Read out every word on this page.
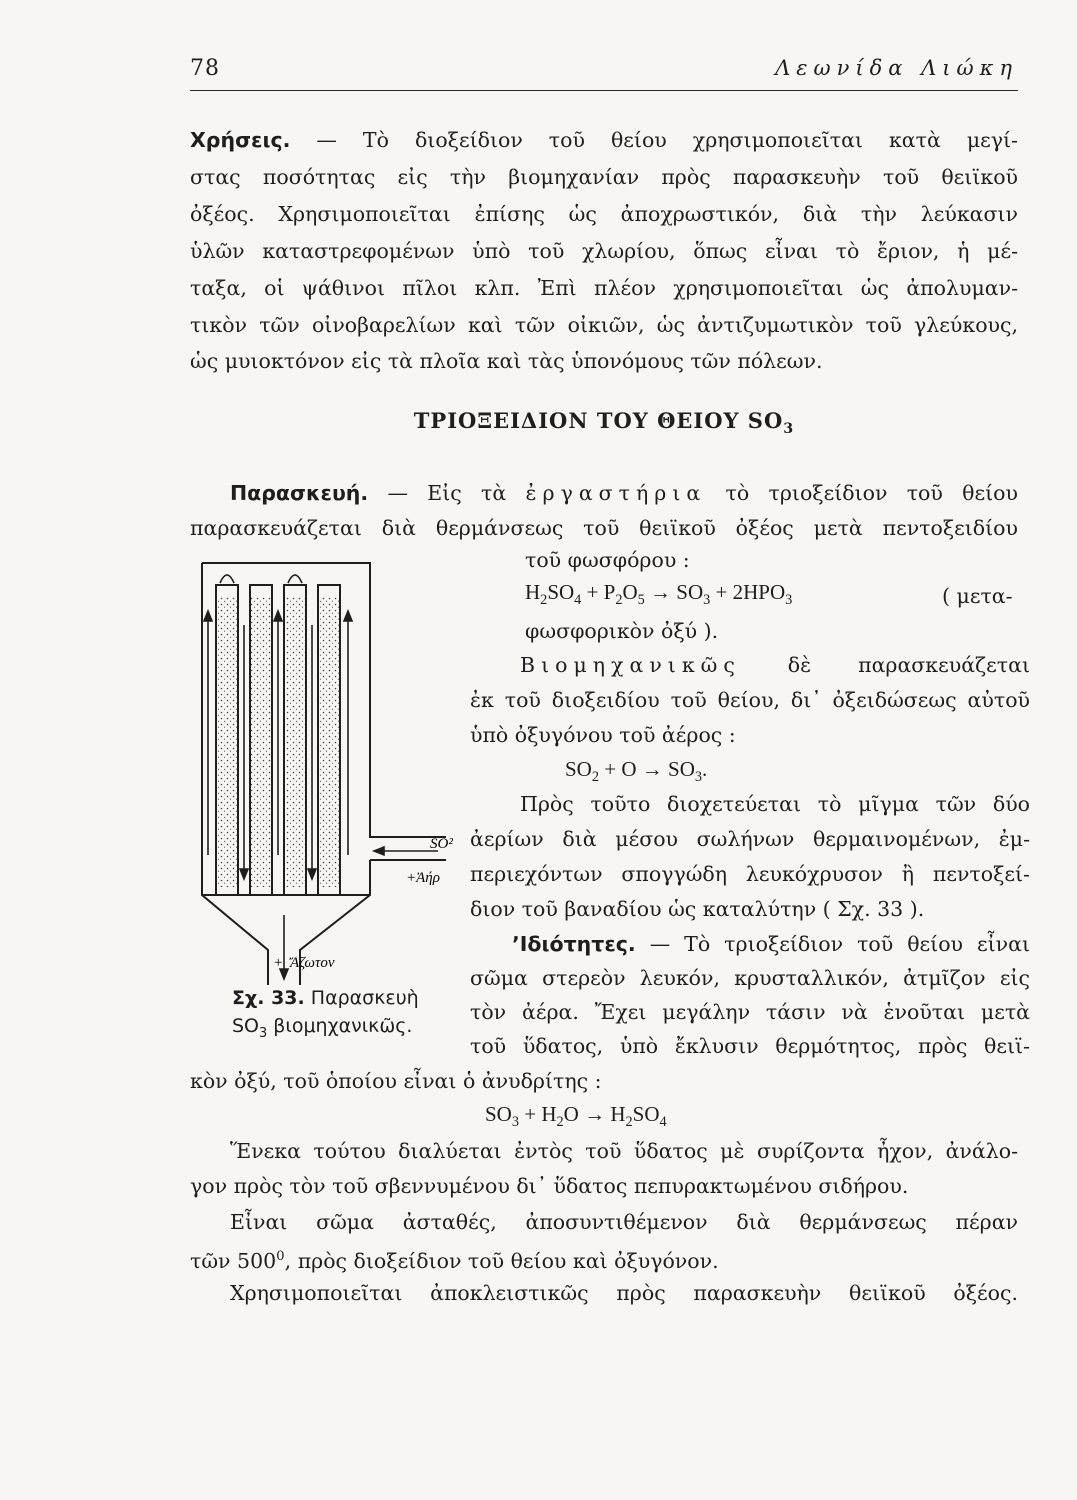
78	Λεωνίδα Λιώκη
Χρήσεις. — Τὸ διοξείδιον τοῦ θείου χρησιμοποιεῖται κατὰ μεγί-
στας ποσότητας εἰς τὴν βιομηχανίαν πρὸς παρασκευὴν τοῦ θειϊκοῦ
ὀξέος. Χρησιμοποιεῖται ἐπίσης ὡς ἀποχρωστικόν, διὰ τὴν λεύκασιν
ὑλῶν καταστρεφομένων ὑπὸ τοῦ χλωρίου, ὅπως εἶναι τὸ ἔριον, ἡ μέ-
ταξα, οἱ ψάθινοι πῖλοι κλπ. Ἐπὶ πλέον χρησιμοποιεῖται ὡς ἀπολυμαν-
τικὸν τῶν οἰνοβαρελίων καὶ τῶν οἰκιῶν, ὡς ἀντιζυμωτικὸν τοῦ γλεύκους,
ὡς μυιοκτόνον εἰς τὰ πλοῖα καὶ τὰς ὑπονόμους τῶν πόλεων.
ΤΡΙΟΞΕΙΔΙΟΝ ΤΟΥ ΘΕΙΟΥ $SO_3$
Παρασκευή. — Εἰς τὰ ἐργαστήρια τὸ τριοξείδιον τοῦ θείου
παρασκευάζεται διὰ θερμάνσεως τοῦ θειϊκοῦ ὀξέος μετὰ πεντοξειδίου
τοῦ φωσφόρου :
$H_2SO_4 + P_2O_5 \to SO_3 + 2HPO_3$	( μετα-
φωσφορικὸν ὀξύ ).
Βιομηχανικῶς δὲ παρασκευάζεται
ἐκ τοῦ διοξειδίου τοῦ θείου, δι᾽ ὀξειδώσεως αὐτοῦ
ὑπὸ ὀξυγόνου τοῦ ἀέρος :
$SO_2 + O \to SO_3$.
Πρὸς τοῦτο διοχετεύεται τὸ μῖγμα τῶν δύο
ἀερίων διὰ μέσου σωλήνων θερμαινομένων, ἐμ-
περιεχόντων σπογγώδη λευκόχρυσον ἢ πεντοξεί-
διον τοῦ βαναδίου ὡς καταλύτην ( Σχ. 33 ).
ʼΙδιότητες. — Τὸ τριοξείδιον τοῦ θείου εἶναι
σῶμα στερεὸν λευκόν, κρυσταλλικόν, ἀτμῖζον εἰς
τὸν ἀέρα. Ἔχει μεγάλην τάσιν νὰ ἑνοῦται μετὰ
τοῦ ὕδατος, ὑπὸ ἔκλυσιν θερμότητος, πρὸς θειϊ-
κὸν ὀξύ, τοῦ ὁποίου εἶναι ὁ ἀνυδρίτης :
$SO_3 + H_2O \to H_2SO_4$
Ἕνεκα τούτου διαλύεται ἐντὸς τοῦ ὕδατος μὲ συρίζοντα ἦχον, ἀνάλο-
γον πρὸς τὸν τοῦ σβεννυμένου δι᾽ ὕδατος πεπυρακτωμένου σιδήρου.
Εἶναι σῶμα ἀσταθές, ἀποσυντιθέμενον διὰ θερμάνσεως πέραν
τῶν $500^0$, πρὸς διοξείδιον τοῦ θείου καὶ ὀξυγόνον.
Χρησιμοποιεῖται ἀποκλειστικῶς πρὸς παρασκευὴν θειϊκοῦ ὀξέος.
SO²
+Ἀήρ
+ Ἄζωτον
Σχ. 33. Παρασκευὴ
$SO_3$ βιομηχανικῶς.
